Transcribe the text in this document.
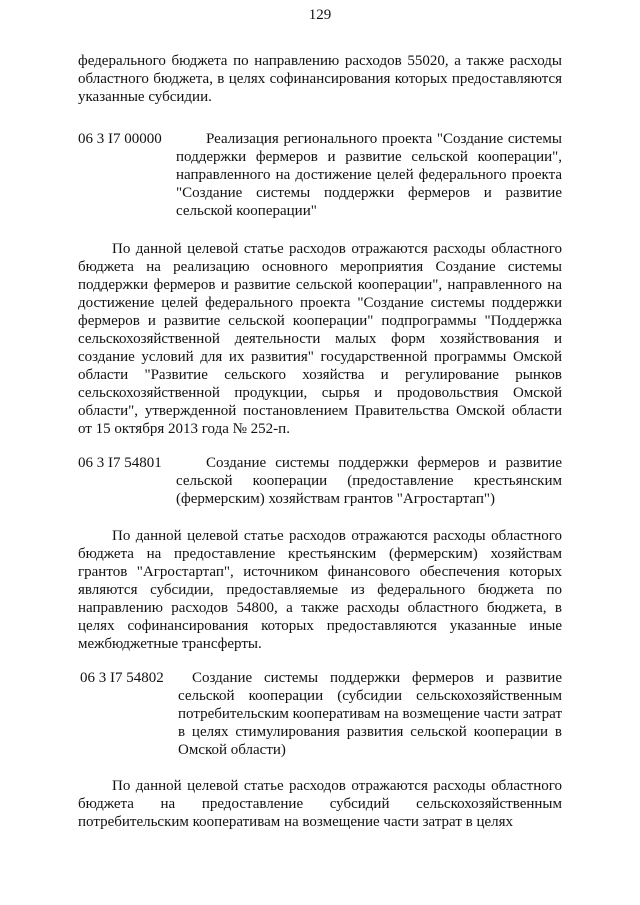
129

федерального бюджета по направлению расходов 55020, а также расходы областного бюджета, в целях софинансирования которых предоставляются указанные субсидии.

06 3 I7 00000	Реализация регионального проекта "Создание системы поддержки фермеров и развитие сельской кооперации", направленного на достижение целей федерального проекта "Создание системы поддержки фермеров и развитие сельской кооперации"

По данной целевой статье расходов отражаются расходы областного бюджета на реализацию основного мероприятия Создание системы поддержки фермеров и развитие сельской кооперации", направленного на достижение целей федерального проекта "Создание системы поддержки фермеров и развитие сельской кооперации" подпрограммы "Поддержка сельскохозяйственной деятельности малых форм хозяйствования и создание условий для их развития" государственной программы Омской области "Развитие сельского хозяйства и регулирование рынков сельскохозяйственной продукции, сырья и продовольствия Омской области", утвержденной постановлением Правительства Омской области от 15 октября 2013 года № 252-п.

06 3 I7 54801	Создание системы поддержки фермеров и развитие сельской кооперации (предоставление крестьянским (фермерским) хозяйствам грантов "Агростартап")

По данной целевой статье расходов отражаются расходы областного бюджета на предоставление крестьянским (фермерским) хозяйствам грантов "Агростартап", источником финансового обеспечения которых являются субсидии, предоставляемые из федерального бюджета по направлению расходов 54800, а также расходы областного бюджета, в целях софинансирования которых предоставляются указанные иные межбюджетные трансферты.

06 3 I7 54802	Создание системы поддержки фермеров и развитие сельской кооперации (субсидии сельскохозяйственным потребительским кооперативам на возмещение части затрат в целях стимулирования развития сельской кооперации в Омской области)

По данной целевой статье расходов отражаются расходы областного бюджета на предоставление субсидий сельскохозяйственным потребительским кооперативам на возмещение части затрат в целях
